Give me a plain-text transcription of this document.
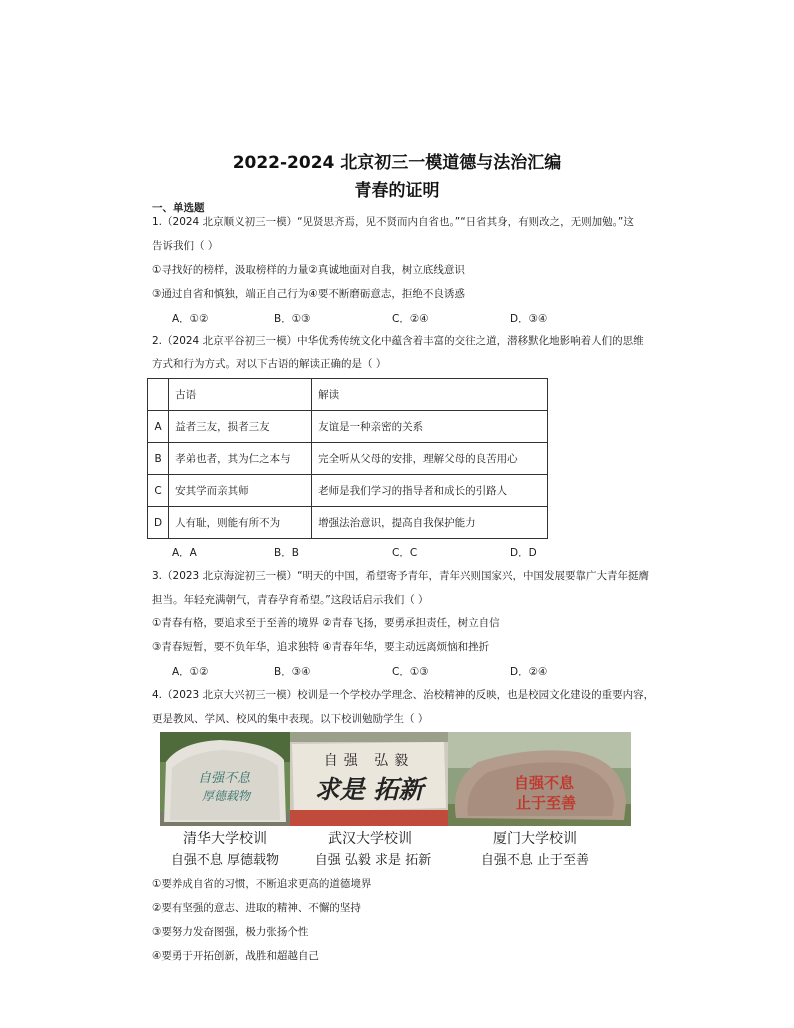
2022-2024 北京初三一模道德与法治汇编
青春的证明
一、单选题
1.（2024 北京顺义初三一模）“见贤思齐焉，见不贤而内自省也。”“日省其身，有则改之，无则加勉。”这
告诉我们（ ）
①寻找好的榜样，汲取榜样的力量②真诚地面对自我，树立底线意识
③通过自省和慎独，端正自己行为④要不断磨砺意志，拒绝不良诱惑
A．①②	B．①③	C．②④	D．③④
2.（2024 北京平谷初三一模）中华优秀传统文化中蕴含着丰富的交往之道，潜移默化地影响着人们的思维
方式和行为方式。对以下古语的解读正确的是（ ）
	古语	解读
A	益者三友，损者三友	友谊是一种亲密的关系
B	孝弟也者，其为仁之本与	完全听从父母的安排，理解父母的良苦用心
C	安其学而亲其师	老师是我们学习的指导者和成长的引路人
D	人有耻，则能有所不为	增强法治意识，提高自我保护能力
A．A	B．B	C．C	D．D
3.（2023 北京海淀初三一模）“明天的中国，希望寄予青年，青年兴则国家兴，中国发展要靠广大青年挺膺
担当。年轻充满朝气，青春孕育希望。”这段话启示我们（ ）
①青春有格，要追求至于至善的境界 ②青春飞扬，要勇承担责任，树立自信
③青春短暂，要不负年华，追求独特 ④青春年华，要主动远离烦恼和挫折
A．①②	B．③④	C．①③	D．②④
4.（2023 北京大兴初三一模）校训是一个学校办学理念、治校精神的反映，也是校园文化建设的重要内容，
更是教风、学风、校风的集中表现。以下校训勉励学生（ ）
自强不息
厚德载物
自强 弘毅
求是 拓新	自强不息
止于至善
清华大学校训	武汉大学校训	厦门大学校训
自强不息 厚德载物	自强 弘毅 求是 拓新	自强不息 止于至善
①要养成自省的习惯，不断追求更高的道德境界
②要有坚强的意志、进取的精神、不懈的坚持
③要努力发奋图强，极力张扬个性
④要勇于开拓创新，战胜和超越自己
